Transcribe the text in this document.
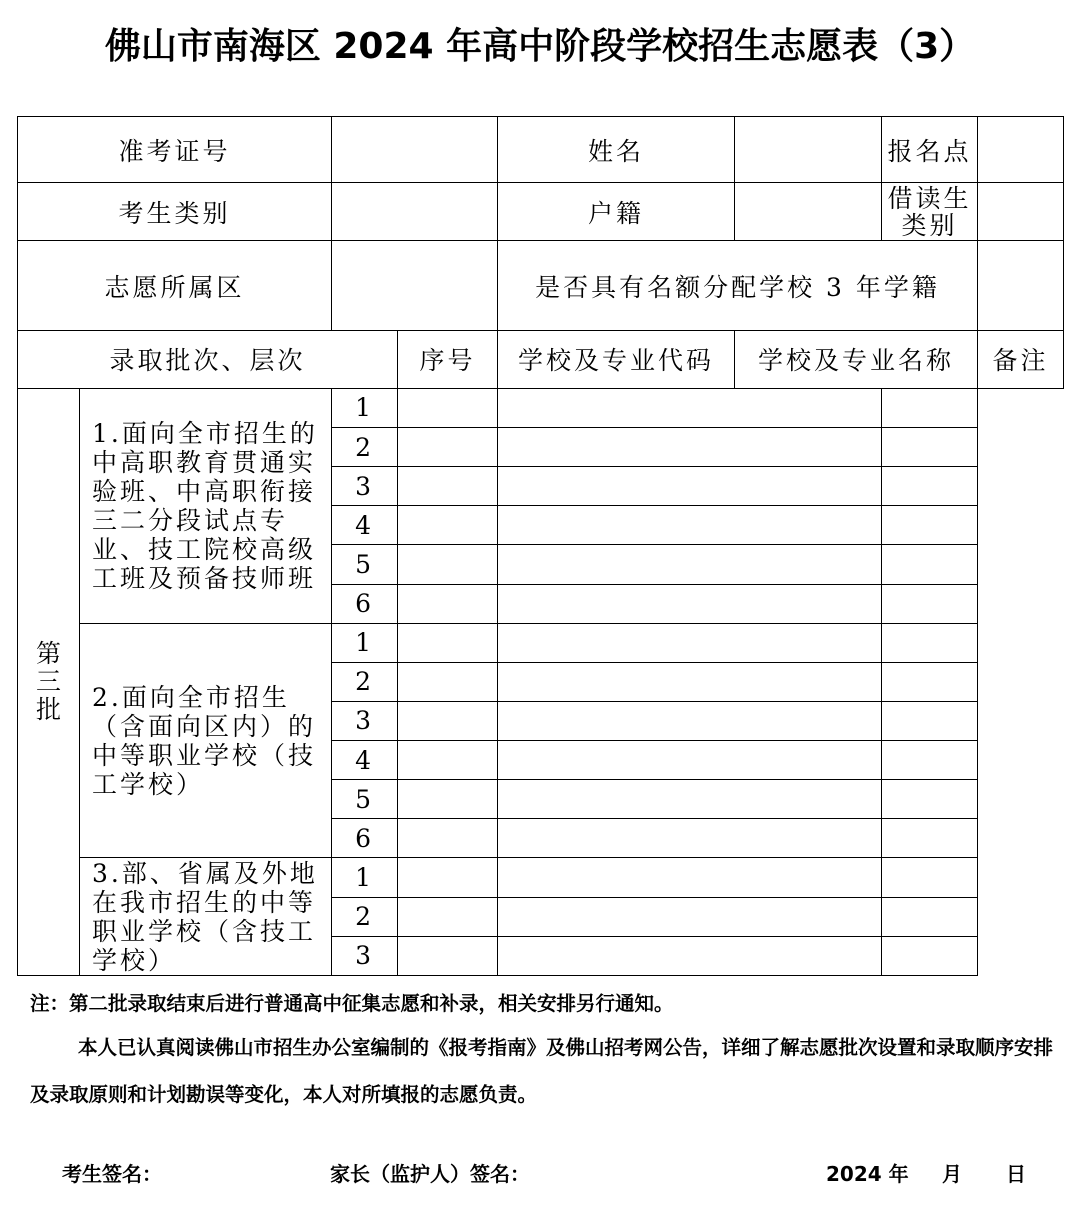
佛山市南海区 2024 年高中阶段学校招生志愿表（3）
准考证号				姓名		报名点	
考生类别				户籍		借读生
类别	

志愿所属区				是否具有名额分配学校 3 年学籍			
录取批次、层次			序号	学校及专业代码	学校及专业名称		备注

第
三
批	1.面向全市招生的中高职教育贯通实验班、中高职衔接三二分段试点专业、技工院校高级工班及预备技师班	1					
		2					
		3					
		4					
		5					
		6					
	2.面向全市招生（含面向区内）的中等职业学校（技工学校）	1					
		2					
		3					
		4					
		5					
		6					
	3.部、省属及外地在我市招生的中等职业学校（含技工学校）	1					
		2					
		3					

注：第二批录取结束后进行普通高中征集志愿和补录，相关安排另行通知。

本人已认真阅读佛山市招生办公室编制的《报考指南》及佛山招考网公告，详细了解志愿批次设置和录取顺序安排及录取原则和计划勘误等变化，本人对所填报的志愿负责。

考生签名：	家长（监护人）签名：	2024 年 月 日
